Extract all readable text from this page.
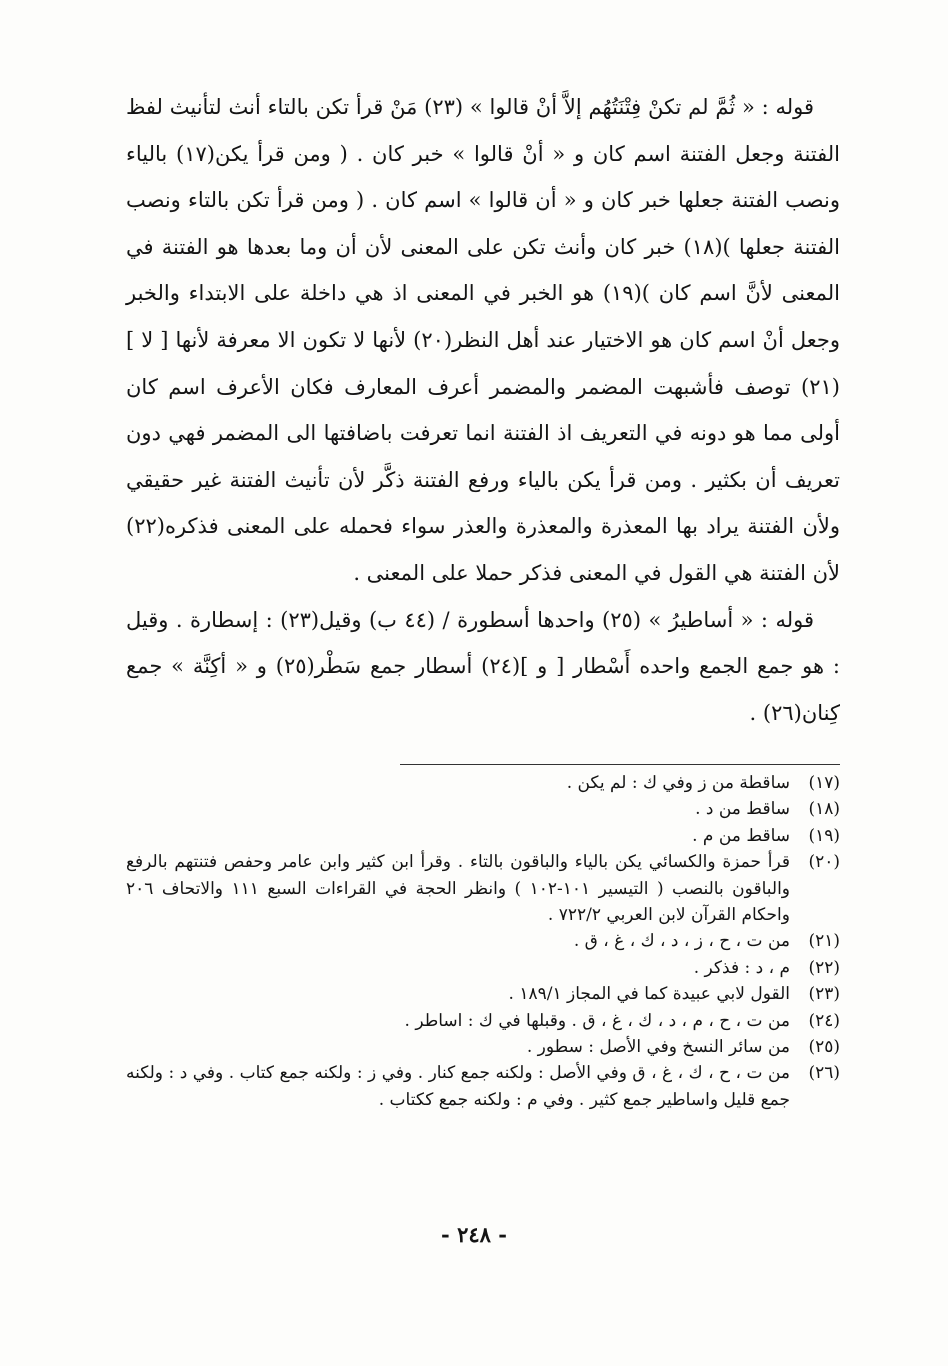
قوله : « ثُمَّ لم تكنْ فِتْنَتُهُم إلاَّ أنْ قالوا » (٢٣) مَنْ قرأ تكن بالتاء أنث لتأنيث لفظ الفتنة وجعل الفتنة اسم كان و « أنْ قالوا » خبر كان . ( ومن قرأ يكن(١٧) بالياء ونصب الفتنة جعلها خبر كان و « أن قالوا » اسم كان . ( ومن قرأ تكن بالتاء ونصب الفتنة جعلها )(١٨) خبر كان وأنث تكن على المعنى لأن أن وما بعدها هو الفتنة في المعنى لأنَّ اسم كان )(١٩) هو الخبر في المعنى اذ هي داخلة على الابتداء والخبر وجعل أنْ اسم كان هو الاختيار عند أهل النظر(٢٠) لأنها لا تكون الا معرفة لأنها [ لا ](٢١) توصف فأشبهت المضمر والمضمر أعرف المعارف فكان الأعرف اسم كان أولى مما هو دونه في التعريف اذ الفتنة انما تعرفت باضافتها الى المضمر فهي دون تعريف أن بكثير . ومن قرأ يكن بالياء ورفع الفتنة ذكَّر لأن تأنيث الفتنة غير حقيقي ولأن الفتنة يراد بها المعذرة والمعذرة والعذر سواء فحمله على المعنى فذكره(٢٢) لأن الفتنة هي القول في المعنى فذكر حملا على المعنى .

قوله : « أساطيرُ » (٢٥) واحدها أسطورة / (٤٤ ب) وقيل(٢٣) : إسطارة . وقيل : هو جمع الجمع واحده أَسْطار [ و ](٢٤) أسطار جمع سَطْر(٢٥) و « أكِنَّة » جمع كِنان(٢٦) .

(١٧)
ساقطة من ز وفي ك : لم يكن .
(١٨)
ساقط من د .
(١٩)
ساقط من م .
(٢٠)
قرأ حمزة والكسائي يكن بالياء والباقون بالتاء . وقرأ ابن كثير وابن عامر وحفص فتنتهم بالرفع والباقون بالنصب ( التيسير ١٠١-١٠٢ ) وانظر الحجة في القراءات السبع ١١١ والاتحاف ٢٠٦ واحكام القرآن لابن العربي ٧٢٢/٢ .
(٢١)
من ت ، ح ، ز ، د ، ك ، غ ، ق .
(٢٢)
م ، د : فذكر .
(٢٣)
القول لابي عبيدة كما في المجاز ١٨٩/١ .
(٢٤)
من ت ، ح ، م ، د ، ك ، غ ، ق . وقبلها في ك : اساطر .
(٢٥)
من سائر النسخ وفي الأصل : سطور .
(٢٦)
من ت ، ح ، ك ، غ ، ق وفي الأصل : ولكنه جمع كنار . وفي ز : ولكنه جمع كتاب . وفي د : ولكنه جمع قليل واساطير جمع كثير . وفي م : ولكنه جمع ككتاب .
- ٢٤٨ -
